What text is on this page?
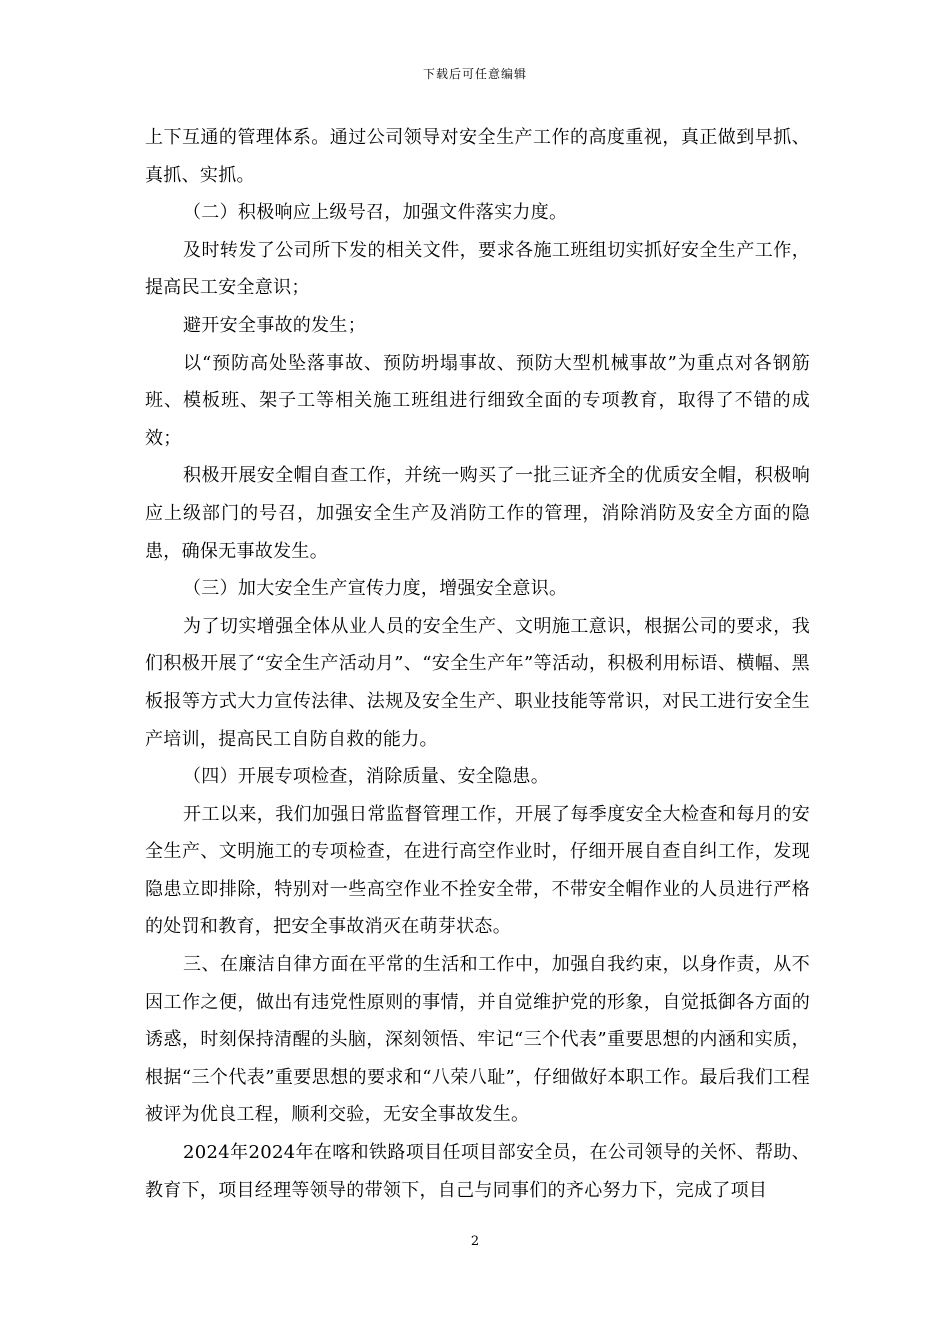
下载后可任意编辑

上下互通的管理体系。通过公司领导对安全生产工作的高度重视，真正做到早抓、真抓、实抓。

（二）积极响应上级号召，加强文件落实力度。

及时转发了公司所下发的相关文件，要求各施工班组切实抓好安全生产工作，提高民工安全意识；

避开安全事故的发生；

以“预防高处坠落事故、预防坍塌事故、预防大型机械事故”为重点对各钢筋班、模板班、架子工等相关施工班组进行细致全面的专项教育，取得了不错的成效；

积极开展安全帽自查工作，并统一购买了一批三证齐全的优质安全帽，积极响应上级部门的号召，加强安全生产及消防工作的管理，消除消防及安全方面的隐患，确保无事故发生。

（三）加大安全生产宣传力度，增强安全意识。

为了切实增强全体从业人员的安全生产、文明施工意识，根据公司的要求，我们积极开展了“安全生产活动月”、“安全生产年”等活动，积极利用标语、横幅、黑板报等方式大力宣传法律、法规及安全生产、职业技能等常识，对民工进行安全生产培训，提高民工自防自救的能力。

（四）开展专项检查，消除质量、安全隐患。

开工以来，我们加强日常监督管理工作，开展了每季度安全大检查和每月的安全生产、文明施工的专项检查，在进行高空作业时，仔细开展自查自纠工作，发现隐患立即排除，特别对一些高空作业不拴安全带，不带安全帽作业的人员进行严格的处罚和教育，把安全事故消灭在萌芽状态。

三、在廉洁自律方面在平常的生活和工作中，加强自我约束，以身作责，从不因工作之便，做出有违党性原则的事情，并自觉维护党的形象，自觉抵御各方面的诱惑，时刻保持清醒的头脑，深刻领悟、牢记“三个代表”重要思想的内涵和实质，根据“三个代表”重要思想的要求和“八荣八耻”，仔细做好本职工作。最后我们工程被评为优良工程，顺利交验，无安全事故发生。

2024年2024年在喀和铁路项目任项目部安全员，在公司领导的关怀、帮助、教育下，项目经理等领导的带领下，自己与同事们的齐心努力下，完成了项目

2
